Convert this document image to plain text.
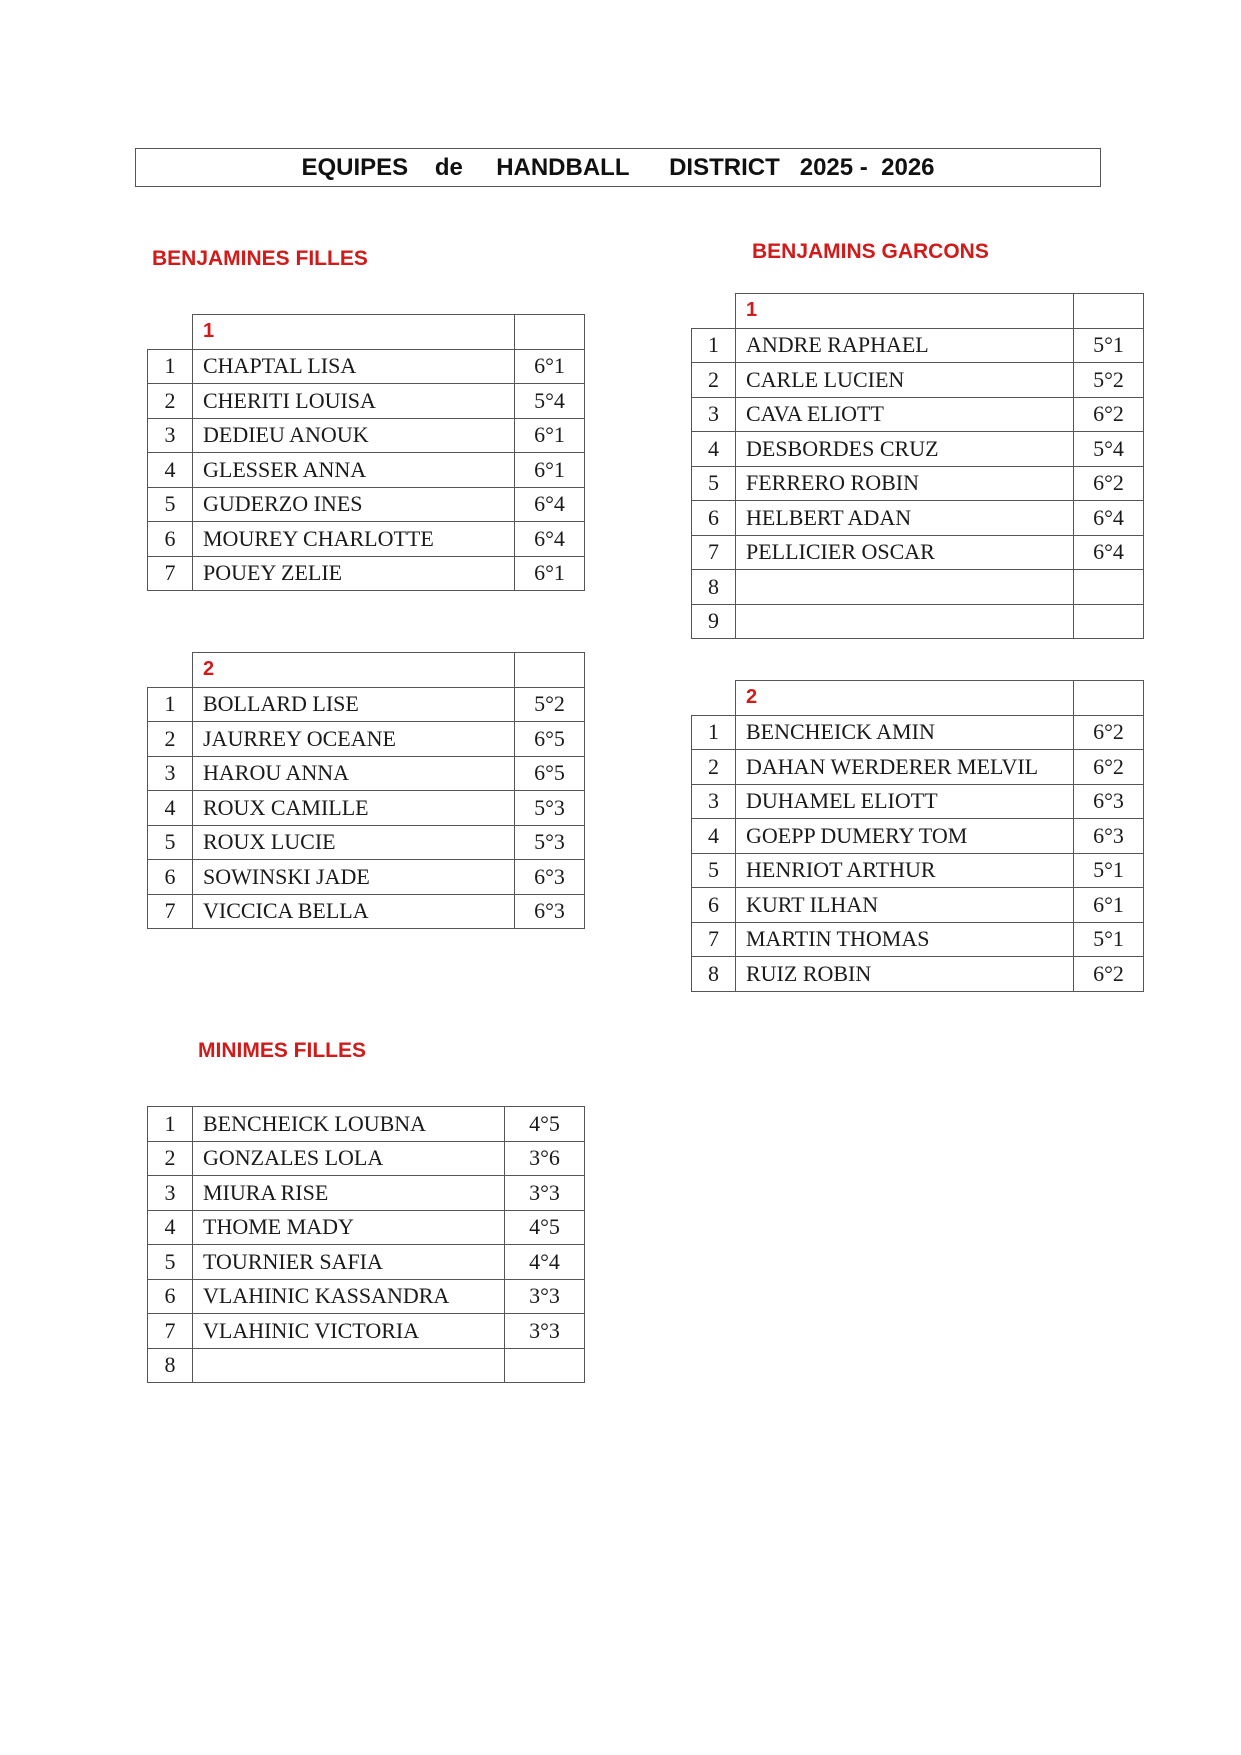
EQUIPES    de     HANDBALL      DISTRICT   2025 -  2026
BENJAMINES FILLES
	1	
1	CHAPTAL LISA	6°1
2	CHERITI LOUISA	5°4
3	DEDIEU ANOUK	6°1
4	GLESSER ANNA	6°1
5	GUDERZO INES	6°4
6	MOUREY CHARLOTTE	6°4
7	POUEY ZELIE	6°1
	2	
1	BOLLARD LISE	5°2
2	JAURREY OCEANE	6°5
3	HAROU ANNA	6°5
4	ROUX CAMILLE	5°3
5	ROUX LUCIE	5°3
6	SOWINSKI JADE	6°3
7	VICCICA BELLA	6°3
BENJAMINS GARCONS
	1	
1	ANDRE RAPHAEL	5°1
2	CARLE LUCIEN	5°2
3	CAVA ELIOTT	6°2
4	DESBORDES CRUZ	5°4
5	FERRERO ROBIN	6°2
6	HELBERT ADAN	6°4
7	PELLICIER OSCAR	6°4
8		
9		
	2	
1	BENCHEICK AMIN	6°2
2	DAHAN WERDERER MELVIL	6°2
3	DUHAMEL ELIOTT	6°3
4	GOEPP DUMERY TOM	6°3
5	HENRIOT ARTHUR	5°1
6	KURT ILHAN	6°1
7	MARTIN THOMAS	5°1
8	RUIZ ROBIN	6°2
MINIMES FILLES
1	BENCHEICK LOUBNA	4°5
2	GONZALES LOLA	3°6
3	MIURA RISE	3°3
4	THOME MADY	4°5
5	TOURNIER SAFIA	4°4
6	VLAHINIC KASSANDRA	3°3
7	VLAHINIC VICTORIA	3°3
8		
